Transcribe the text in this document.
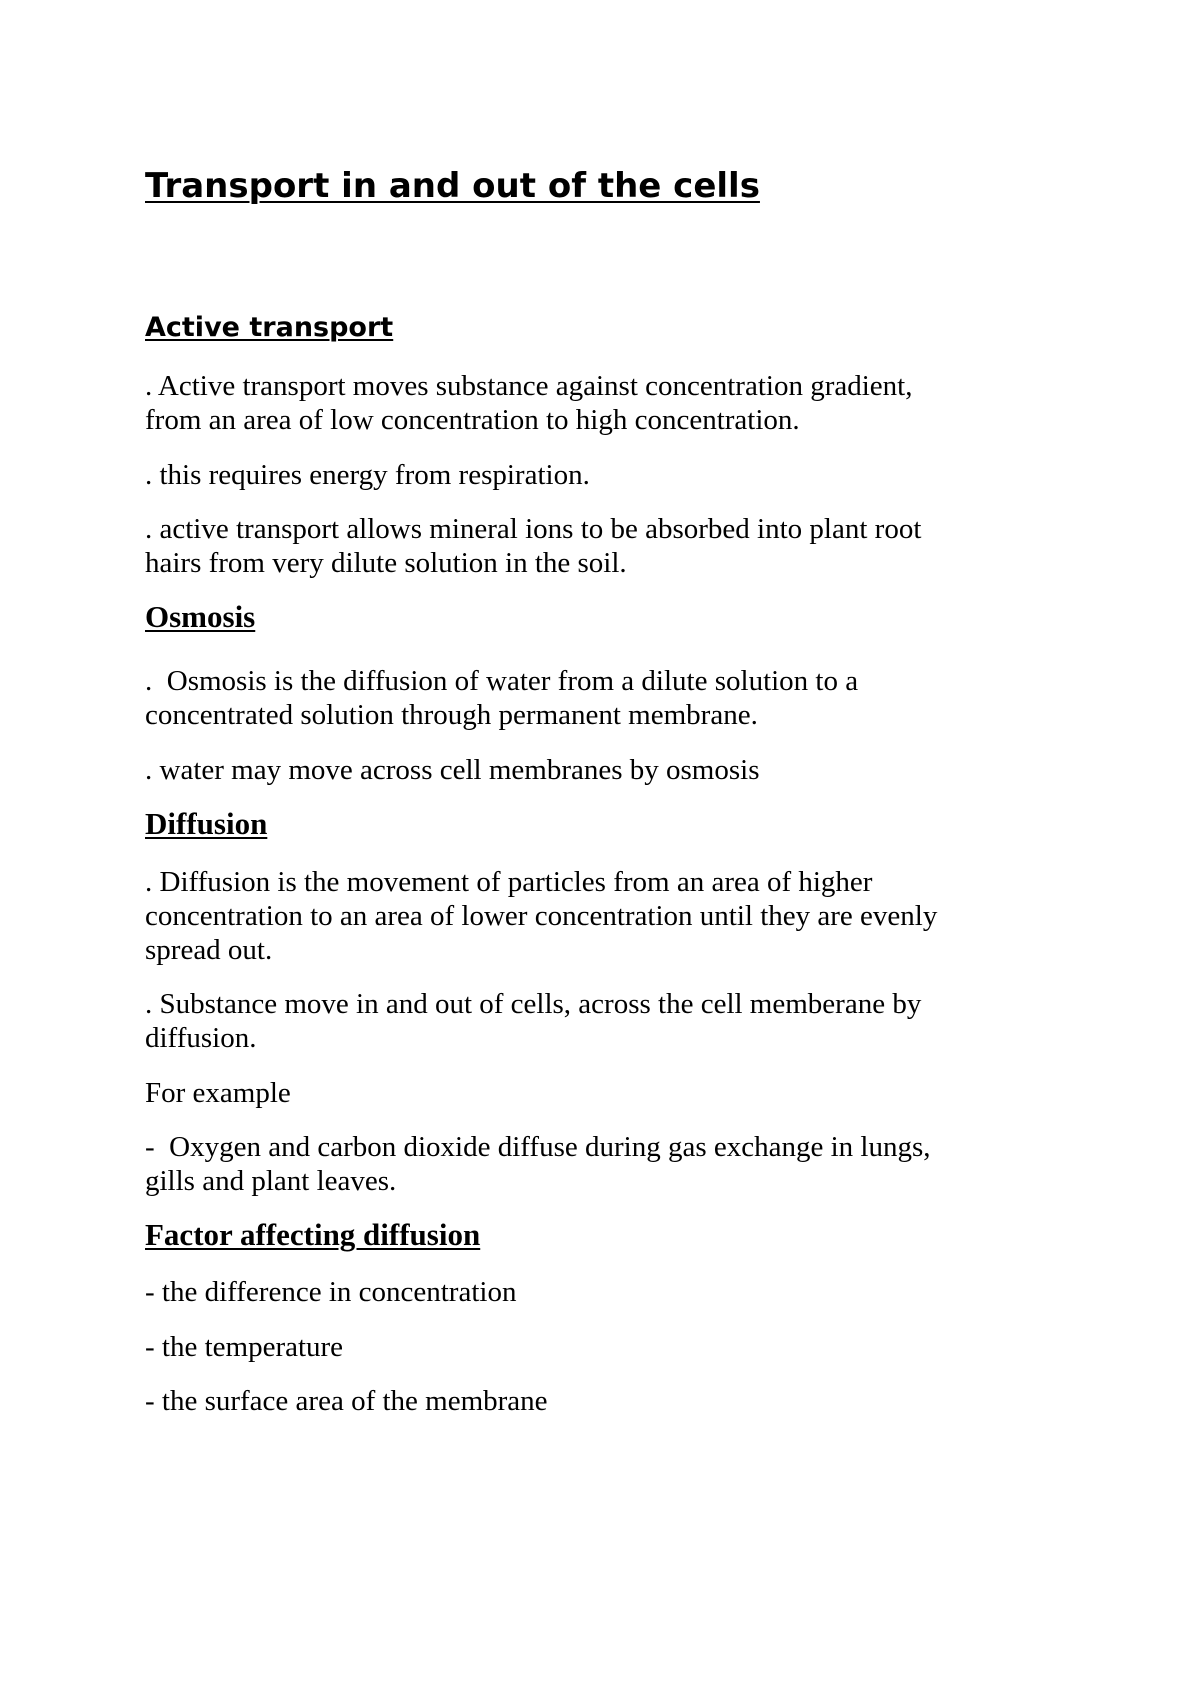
Transport in and out of the cells
Active transport

. Active transport moves substance against concentration gradient,

from an area of low concentration to high concentration.

. this requires energy from respiration.

. active transport allows mineral ions to be absorbed into plant root

hairs from very dilute solution in the soil.

Osmosis

.  Osmosis is the diffusion of water from a dilute solution to a

concentrated solution through permanent membrane.

. water may move across cell membranes by osmosis

Diffusion

. Diffusion is the movement of particles from an area of higher

concentration to an area of lower concentration until they are evenly

spread out.

. Substance move in and out of cells, across the cell memberane by

diffusion.

For example

-  Oxygen and carbon dioxide diffuse during gas exchange in lungs,

gills and plant leaves.

Factor affecting diffusion

- the difference in concentration

- the temperature

- the surface area of the membrane
